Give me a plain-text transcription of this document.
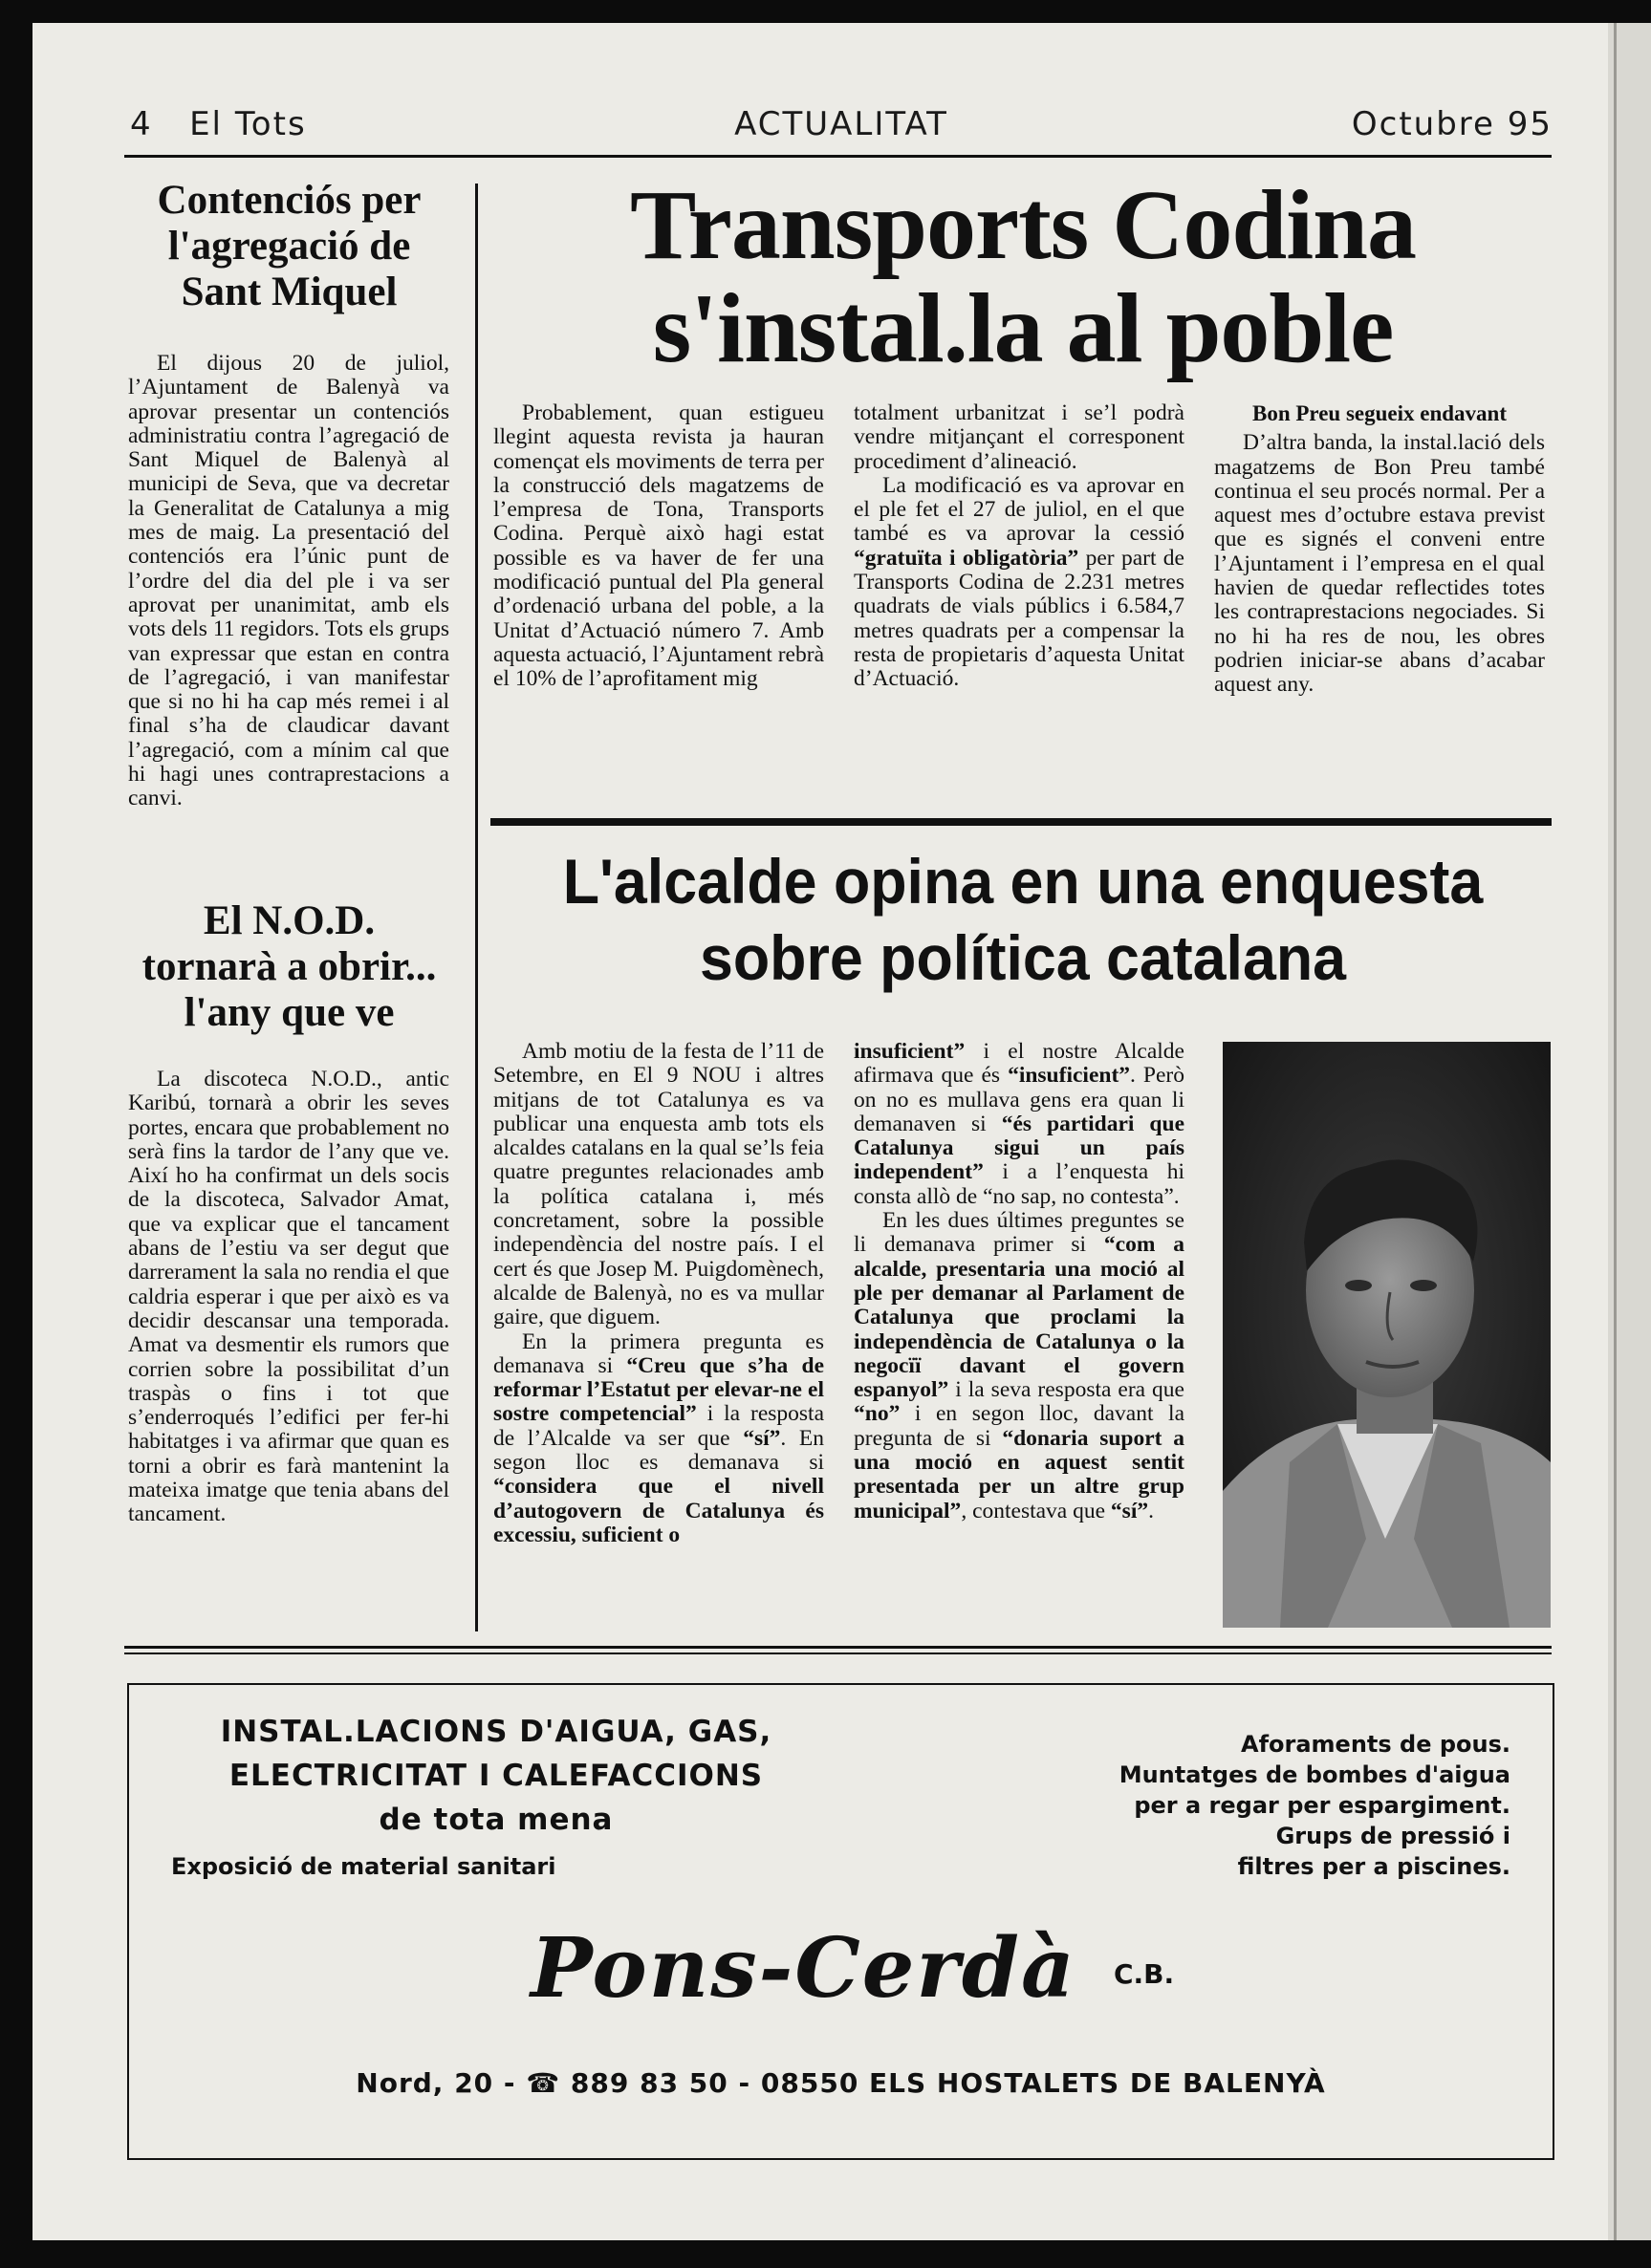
4 El Tots	ACTUALITAT	Octubre 95
Contenciós per
l'agregació de
Sant Miquel

El dijous 20 de juliol, l’Ajuntament de Balenyà va aprovar presentar un contenciós administratiu contra l’agregació de Sant Miquel de Balenyà al municipi de Seva, que va decretar la Generalitat de Catalunya a mig mes de maig. La presentació del contenciós era l’únic punt de l’ordre del dia del ple i va ser aprovat per unanimitat, amb els vots dels 11 regidors. Tots els grups van expressar que estan en contra de l’agregació, i van manifestar que si no hi ha cap més remei i al final s’ha de claudicar davant l’agregació, com a mínim cal que hi hagi unes contraprestacions a canvi.

El N.O.D.
tornarà a obrir...
l'any que ve

La discoteca N.O.D., antic Karibú, tornarà a obrir les seves portes, encara que probablement no serà fins la tardor de l’any que ve. Així ho ha confirmat un dels socis de la discoteca, Salvador Amat, que va explicar que el tancament abans de l’estiu va ser degut que darrerament la sala no rendia el que caldria esperar i que per això es va decidir descansar una temporada. Amat va desmentir els rumors que corrien sobre la possibilitat d’un traspàs o fins i tot que s’enderroqués l’edifici per fer-hi habitatges i va afirmar que quan es torni a obrir es farà mantenint la mateixa imatge que tenia abans del tancament.

Transports Codina
s'instal.la al poble

Probablement, quan estigueu llegint aquesta revista ja hauran començat els moviments de terra per la construcció dels magatzems de l’empresa de Tona, Transports Codina. Perquè això hagi estat possible es va haver de fer una modificació puntual del Pla general d’ordenació urbana del poble, a la Unitat d’Actuació número 7. Amb aquesta actuació, l’Ajuntament rebrà el 10% de l’aprofitament mig

totalment urbanitzat i se’l podrà vendre mitjançant el corresponent procediment d’alineació.

La modificació es va aprovar en el ple fet el 27 de juliol, en el que també es va aprovar la cessió “gratuïta i obligatòria” per part de Transports Codina de 2.231 metres quadrats de vials públics i 6.584,7 metres quadrats per a compensar la resta de propietaris d’aquesta Unitat d’Actuació.

Bon Preu segueix endavant

D’altra banda, la instal.lació dels magatzems de Bon Preu també continua el seu procés normal. Per a aquest mes d’octubre estava previst que es signés el conveni entre l’Ajuntament i l’empresa en el qual havien de quedar reflectides totes les contraprestacions negociades. Si no hi ha res de nou, les obres podrien iniciar-se abans d’acabar aquest any.

L'alcalde opina en una enquesta
sobre política catalana

Amb motiu de la festa de l’11 de Setembre, en El 9 NOU i altres mitjans de tot Catalunya es va publicar una enquesta amb tots els alcaldes catalans en la qual se’ls feia quatre preguntes relacionades amb la política catalana i, més concretament, sobre la possible independència del nostre país. I el cert és que Josep M. Puigdomènech, alcalde de Balenyà, no es va mullar gaire, que diguem.

En la primera pregunta es demanava si “Creu que s’ha de reformar l’Estatut per elevar-ne el sostre competencial” i la resposta de l’Alcalde va ser que “sí”. En segon lloc es demanava si “considera que el nivell d’autogovern de Catalunya és excessiu, suficient o

insuficient” i el nostre Alcalde afirmava que és “insuficient”. Però on no es mullava gens era quan li demanaven si “és partidari que Catalunya sigui un país independent” i a l’enquesta hi consta allò de “no sap, no contesta”.

En les dues últimes preguntes se li demanava primer si “com a alcalde, presentaria una moció al ple per demanar al Parlament de Catalunya que proclami la independència de Catalunya o la negocïï davant el govern espanyol” i la seva resposta era que “no” i en segon lloc, davant la pregunta de si “donaria suport a una moció en aquest sentit presentada per un altre grup municipal”, contestava que “sí”.

INSTAL.LACIONS D'AIGUA, GAS,
ELECTRICITAT I CALEFACCIONS
de tota mena
Exposició de material sanitari
Aforaments de pous.
Muntatges de bombes d'aigua
per a regar per espargiment.
Grups de pressió i
filtres per a piscines.
Pons-Cerdà C.B.
Nord, 20 - ☎ 889 83 50 - 08550 ELS HOSTALETS DE BALENYÀ
